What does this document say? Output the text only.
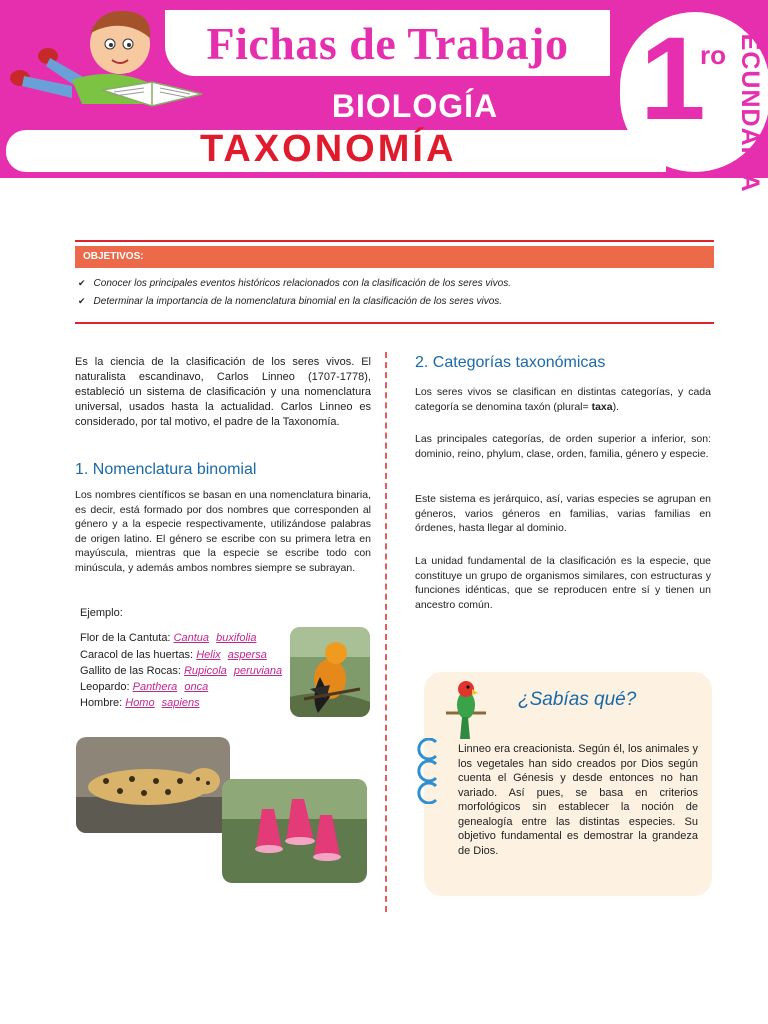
Fichas de Trabajo
BIOLOGÍA
TAXONOMÍA
1
ro SECUNDARIA
OBJETIVOS:
✔ Conocer los principales eventos históricos relacionados con la clasificación de los seres vivos.
✔ Determinar la importancia de la nomenclatura binomial en la clasificación de los seres vivos.
Es la ciencia de la clasificación de los seres vivos. El naturalista escandinavo, Carlos Linneo (1707-1778), estableció un sistema de clasificación y una nomenclatura universal, usados hasta la actualidad. Carlos Linneo es considerado, por tal motivo, el padre de la Taxonomía.
1. Nomenclatura binomial
Los nombres científicos se basan en una nomenclatura binaria, es decir, está formado por dos nombres que corresponden al género y a la especie respectivamente, utilizándose palabras de origen latino. El género se escribe con su primera letra en mayúscula, mientras que la especie se escribe todo con minúscula, y además ambos nombres siempre se subrayan.
Ejemplo:
Flor de la Cantuta: Cantua buxifolia
Caracol de las huertas: Helix aspersa
Gallito de las Rocas: Rupicola peruviana
Leopardo: Panthera onca
Hombre: Homo sapiens
2. Categorías taxonómicas
Los seres vivos se clasifican en distintas categorías, y cada categoría se denomina taxón (plural= taxa).
Las principales categorías, de orden superior a inferior, son: dominio, reino, phylum, clase, orden, familia, género y especie.
Este sistema es jerárquico, así, varias especies se agrupan en géneros, varios géneros en familias, varias familias en órdenes, hasta llegar al dominio.
La unidad fundamental de la clasificación es la especie, que constituye un grupo de organismos similares, con estructuras y funciones idénticas, que se reproducen entre sí y tienen un ancestro común.
¿Sabías qué?
Linneo era creacionista. Según él, los animales y los vegetales han sido creados por Dios según cuenta el Génesis y desde entonces no han variado. Así pues, se basa en criterios morfológicos sin establecer la noción de genealogía entre las distintas especies. Su objetivo fundamental es demostrar la grandeza de Dios.
